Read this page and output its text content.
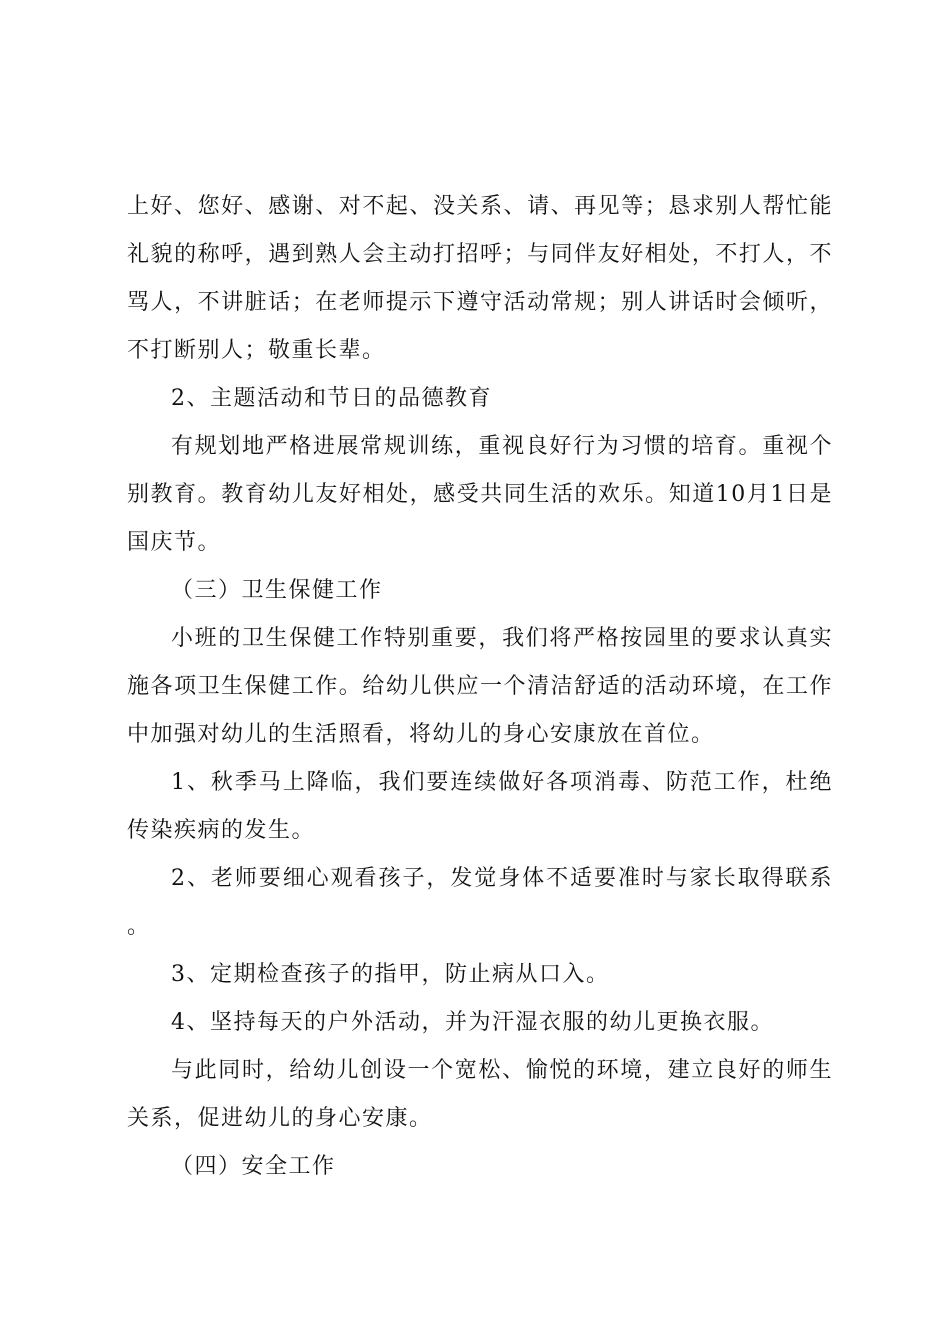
上好、您好、感谢、对不起、没关系、请、再见等；恳求别人帮忙能礼貌的称呼，遇到熟人会主动打招呼；与同伴友好相处，不打人，不骂人，不讲脏话；在老师提示下遵守活动常规；别人讲话时会倾听，不打断别人；敬重长辈。

2、主题活动和节日的品德教育

有规划地严格进展常规训练，重视良好行为习惯的培育。重视个别教育。教育幼儿友好相处，感受共同生活的欢乐。知道10月1日是国庆节。

（三）卫生保健工作

小班的卫生保健工作特别重要，我们将严格按园里的要求认真实施各项卫生保健工作。给幼儿供应一个清洁舒适的活动环境，在工作中加强对幼儿的生活照看，将幼儿的身心安康放在首位。

1、秋季马上降临，我们要连续做好各项消毒、防范工作，杜绝传染疾病的发生。

2、老师要细心观看孩子，发觉身体不适要准时与家长取得联系。

3、定期检查孩子的指甲，防止病从口入。

4、坚持每天的户外活动，并为汗湿衣服的幼儿更换衣服。

与此同时，给幼儿创设一个宽松、愉悦的环境，建立良好的师生关系，促进幼儿的身心安康。

（四）安全工作
